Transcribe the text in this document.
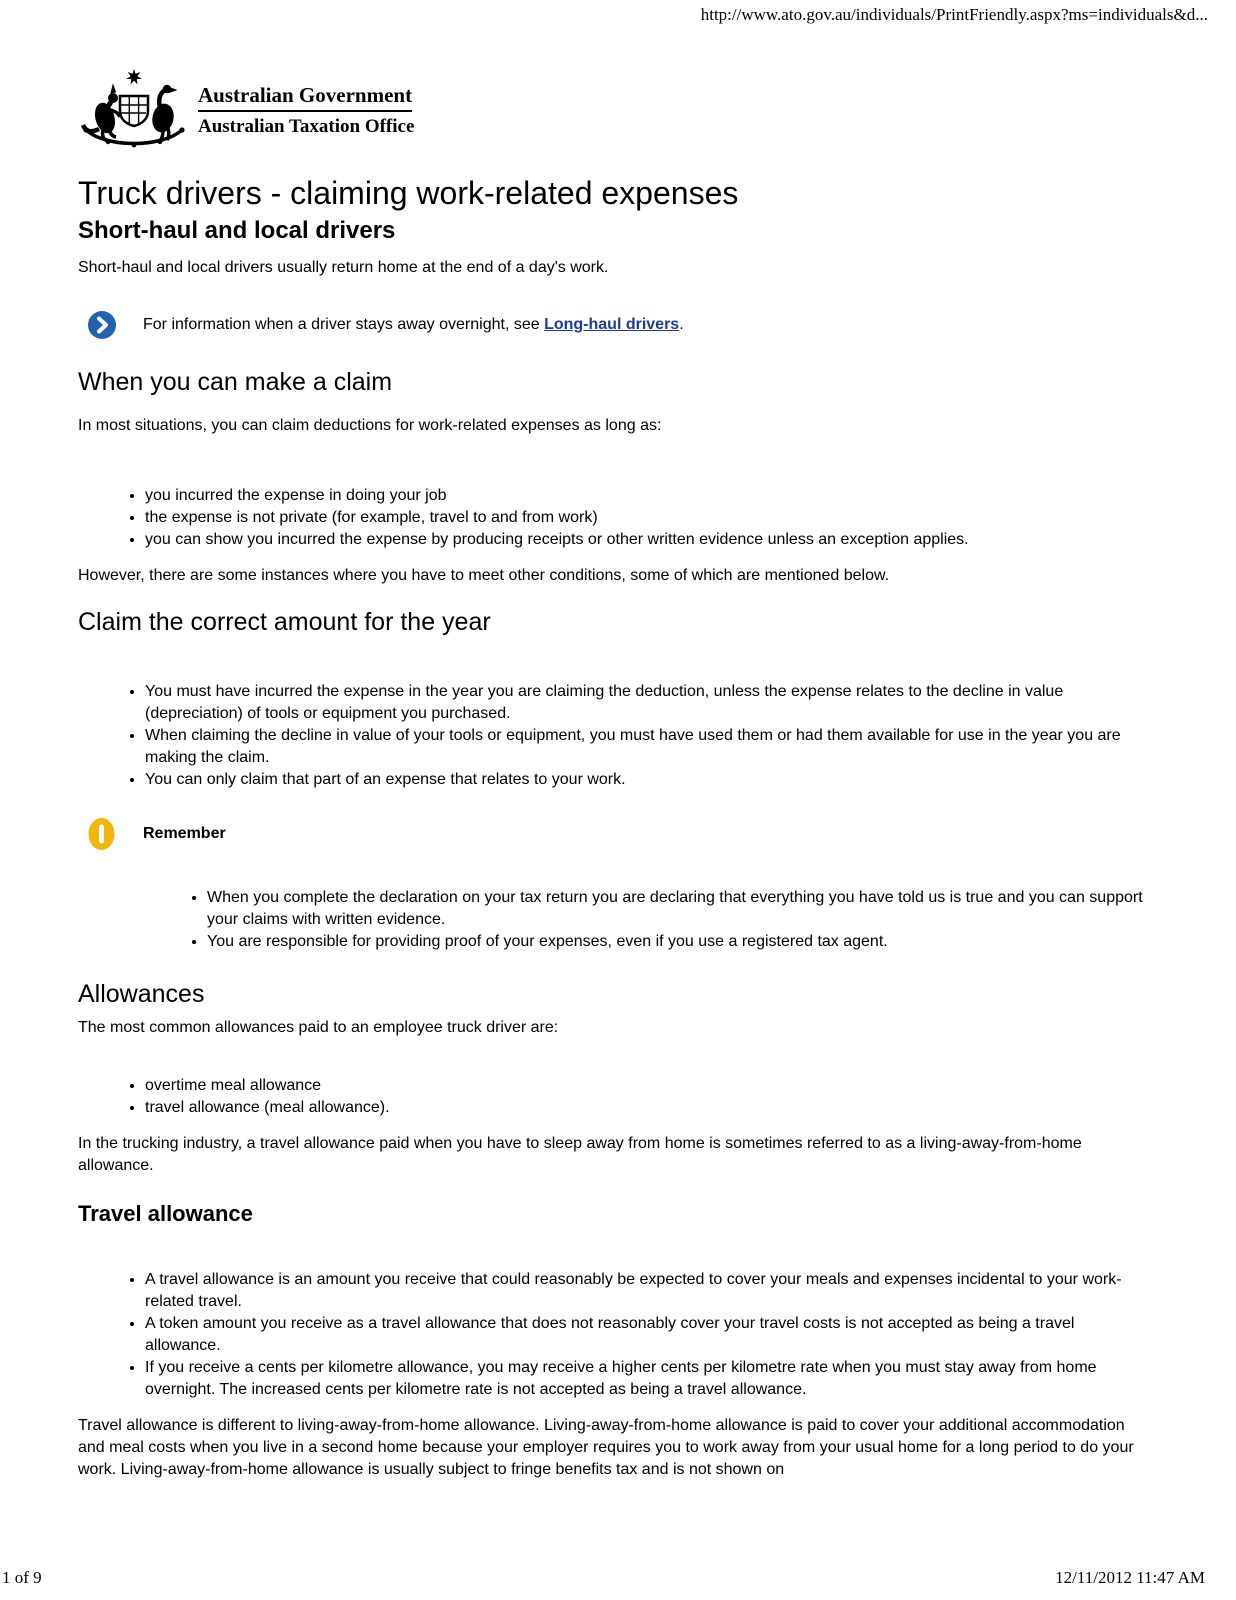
http://www.ato.gov.au/individuals/PrintFriendly.aspx?ms=individuals&d...
Australian Government
Australian Taxation Office
Truck drivers - claiming work-related expenses
Short-haul and local drivers

Short-haul and local drivers usually return home at the end of a day's work.

For information when a driver stays away overnight, see Long-haul drivers.

When you can make a claim

In most situations, you can claim deductions for work-related expenses as long as:

• you incurred the expense in doing your job
• the expense is not private (for example, travel to and from work)
• you can show you incurred the expense by producing receipts or other written evidence unless an exception applies.

However, there are some instances where you have to meet other conditions, some of which are mentioned below.

Claim the correct amount for the year
• You must have incurred the expense in the year you are claiming the deduction, unless the expense relates to the decline in value (depreciation) of tools or equipment you purchased.
• When claiming the decline in value of your tools or equipment, you must have used them or had them available for use in the year you are making the claim.
• You can only claim that part of an expense that relates to your work.
Remember
• When you complete the declaration on your tax return you are declaring that everything you have told us is true and you can support your claims with written evidence.
• You are responsible for providing proof of your expenses, even if you use a registered tax agent.
Allowances

The most common allowances paid to an employee truck driver are:

• overtime meal allowance
• travel allowance (meal allowance).

In the trucking industry, a travel allowance paid when you have to sleep away from home is sometimes referred to as a living-away-from-home allowance.

Travel allowance
• A travel allowance is an amount you receive that could reasonably be expected to cover your meals and expenses incidental to your work-related travel.
• A token amount you receive as a travel allowance that does not reasonably cover your travel costs is not accepted as being a travel allowance.
• If you receive a cents per kilometre allowance, you may receive a higher cents per kilometre rate when you must stay away from home overnight. The increased cents per kilometre rate is not accepted as being a travel allowance.

Travel allowance is different to living-away-from-home allowance. Living-away-from-home allowance is paid to cover your additional accommodation and meal costs when you live in a second home because your employer requires you to work away from your usual home for a long period to do your work. Living-away-from-home allowance is usually subject to fringe benefits tax and is not shown on

1 of 9	12/11/2012 11:47 AM
